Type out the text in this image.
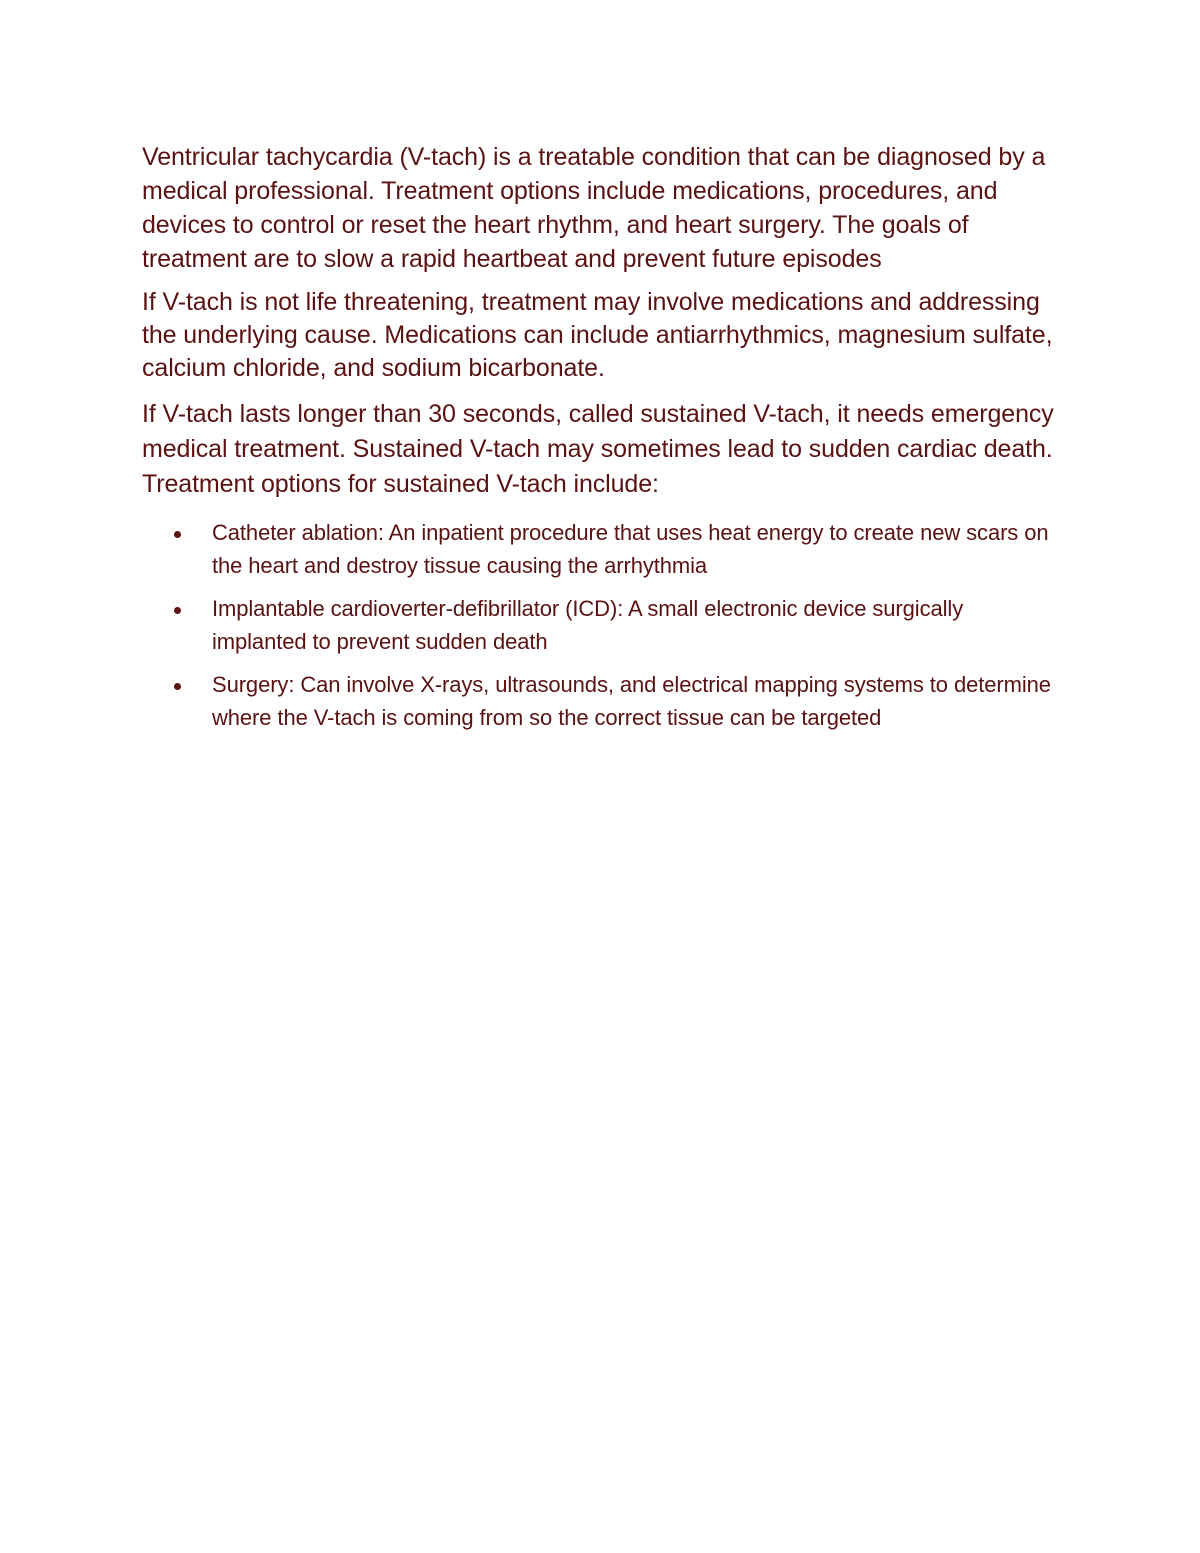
Ventricular tachycardia (V-tach) is a treatable condition that can be diagnosed by a medical professional. Treatment options include medications, procedures, and devices to control or reset the heart rhythm, and heart surgery. The goals of treatment are to slow a rapid heartbeat and prevent future episodes

If V-tach is not life threatening, treatment may involve medications and addressing the underlying cause. Medications can include antiarrhythmics, magnesium sulfate, calcium chloride, and sodium bicarbonate.

If V-tach lasts longer than 30 seconds, called sustained V-tach, it needs emergency medical treatment. Sustained V-tach may sometimes lead to sudden cardiac death. Treatment options for sustained V-tach include:

Catheter ablation: An inpatient procedure that uses heat energy to create new scars on the heart and destroy tissue causing the arrhythmia
Implantable cardioverter-defibrillator (ICD): A small electronic device surgically implanted to prevent sudden death
Surgery: Can involve X-rays, ultrasounds, and electrical mapping systems to determine where the V-tach is coming from so the correct tissue can be targeted
